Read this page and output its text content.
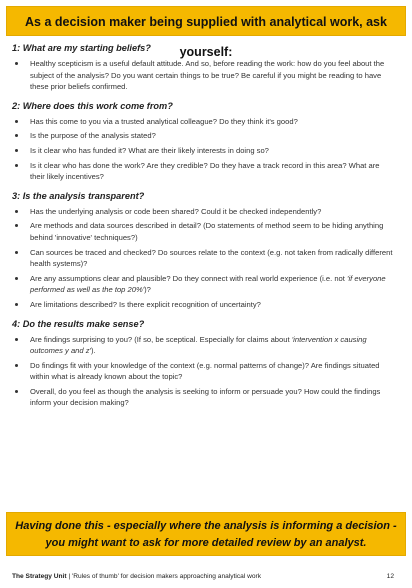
As a decision maker being supplied with analytical work, ask yourself:
1: What are my starting beliefs?
Healthy scepticism is a useful default attitude. And so, before reading the work: how do you feel about the subject of the analysis? Do you want certain things to be true? Be careful if you might be reading to have these prior beliefs confirmed.
2: Where does this work come from?
Has this come to you via a trusted analytical colleague? Do they think it's good?
Is the purpose of the analysis stated?
Is it clear who has funded it? What are their likely interests in doing so?
Is it clear who has done the work? Are they credible? Do they have a track record in this area? What are their likely incentives?
3: Is the analysis transparent?
Has the underlying analysis or code been shared? Could it be checked independently?
Are methods and data sources described in detail? (Do statements of method seem to be hiding anything behind 'innovative' techniques?)
Can sources be traced and checked? Do sources relate to the context (e.g. not taken from radically different health systems)?
Are any assumptions clear and plausible? Do they connect with real world experience (i.e. not 'if everyone performed as well as the top 20%')?
Are limitations described? Is there explicit recognition of uncertainty?
4: Do the results make sense?
Are findings surprising to you? (If so, be sceptical. Especially for claims about 'intervention x causing outcomes y and z').
Do findings fit with your knowledge of the context (e.g. normal patterns of change)? Are findings situated within what is already known about the topic?
Overall, do you feel as though the analysis is seeking to inform or persuade you? How could the findings inform your decision making?
Having done this - especially where the analysis is informing a decision -
you might want to ask for more detailed review by an analyst.
The Strategy Unit | 'Rules of thumb' for decision makers approaching analytical work	12
